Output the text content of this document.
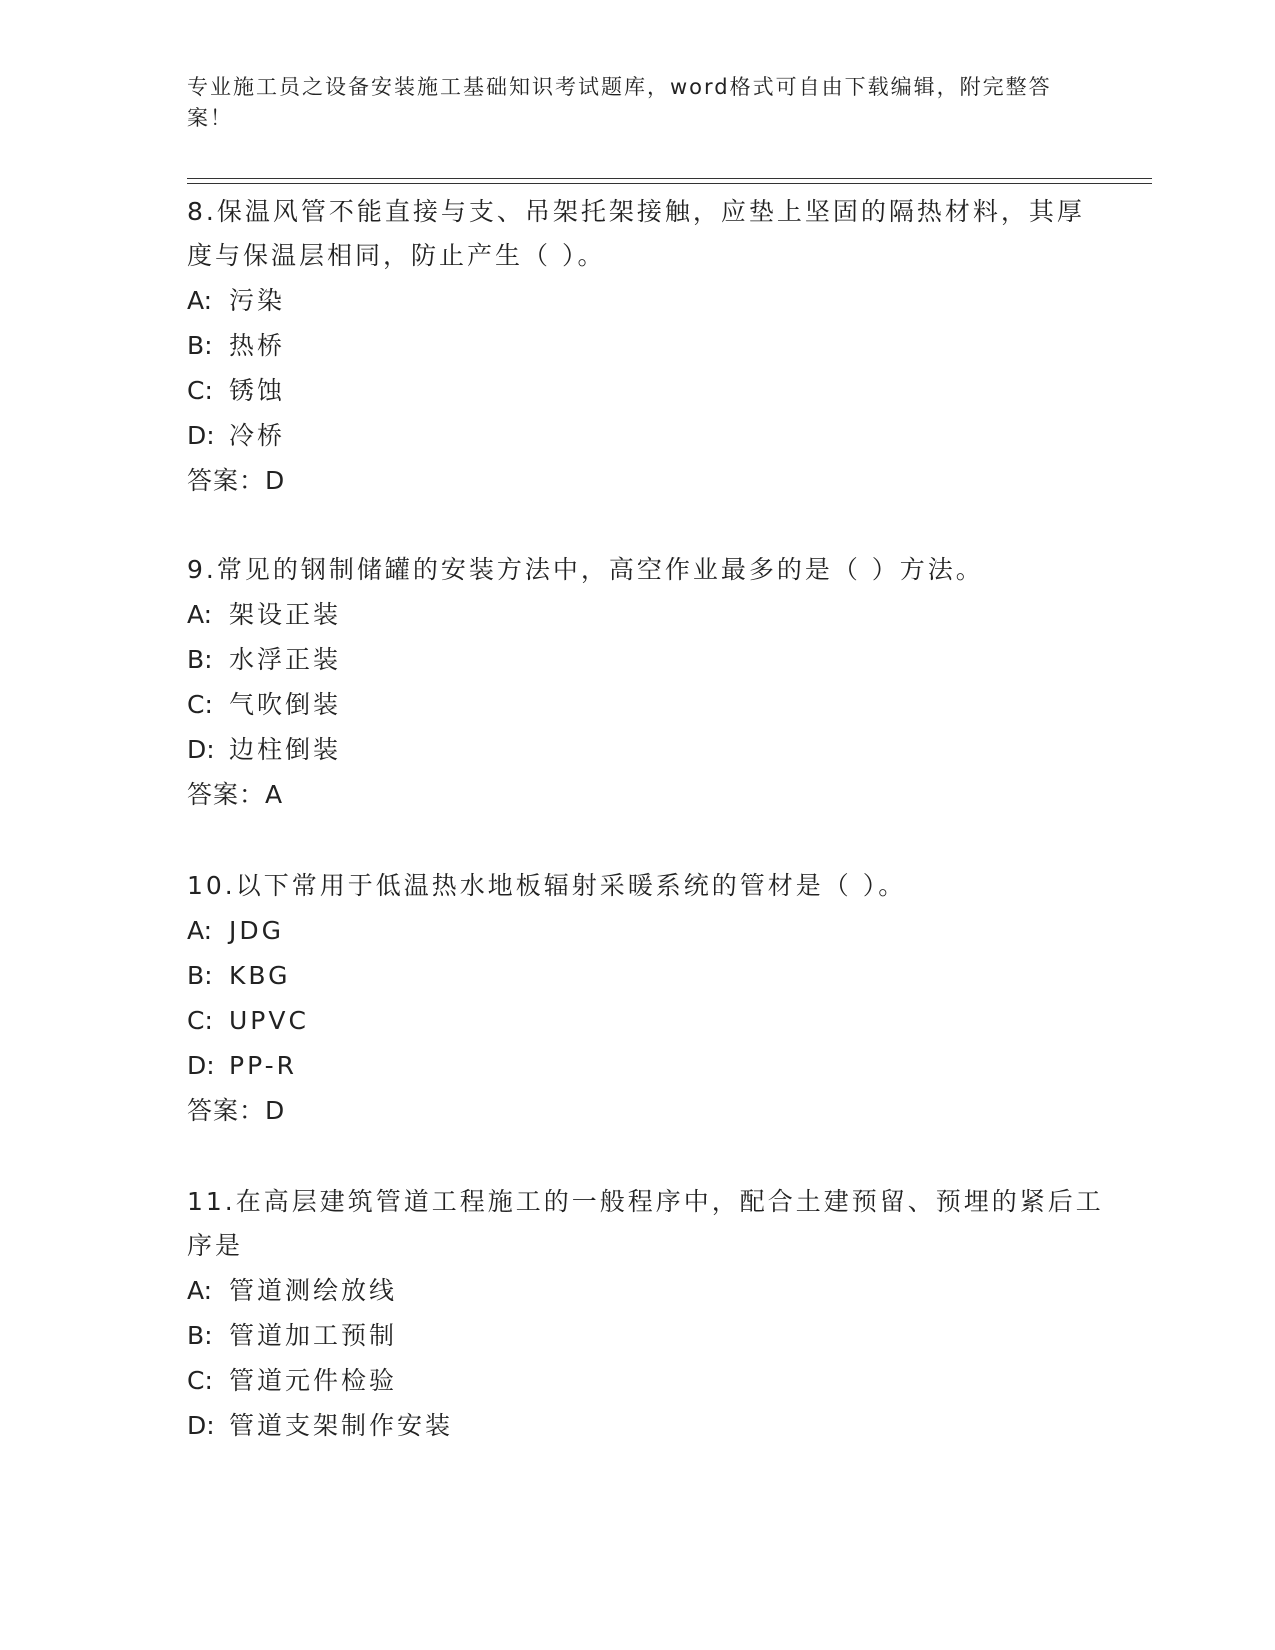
专业施工员之设备安装施工基础知识考试题库，word格式可自由下载编辑，附完整答案！

8.保温风管不能直接与支、吊架托架接触，应垫上坚固的隔热材料，其厚度与保温层相同，防止产生（ ）。

A: 污染

B: 热桥

C: 锈蚀

D: 冷桥

答案：D

9.常见的钢制储罐的安装方法中，高空作业最多的是（ ）方法。

A: 架设正装

B: 水浮正装

C: 气吹倒装

D: 边柱倒装

答案：A

10.以下常用于低温热水地板辐射采暖系统的管材是（ ）。

A: JDG

B: KBG

C: UPVC

D: PP-R

答案：D

11.在高层建筑管道工程施工的一般程序中，配合土建预留、预埋的紧后工序是

A: 管道测绘放线

B: 管道加工预制

C: 管道元件检验

D: 管道支架制作安装
